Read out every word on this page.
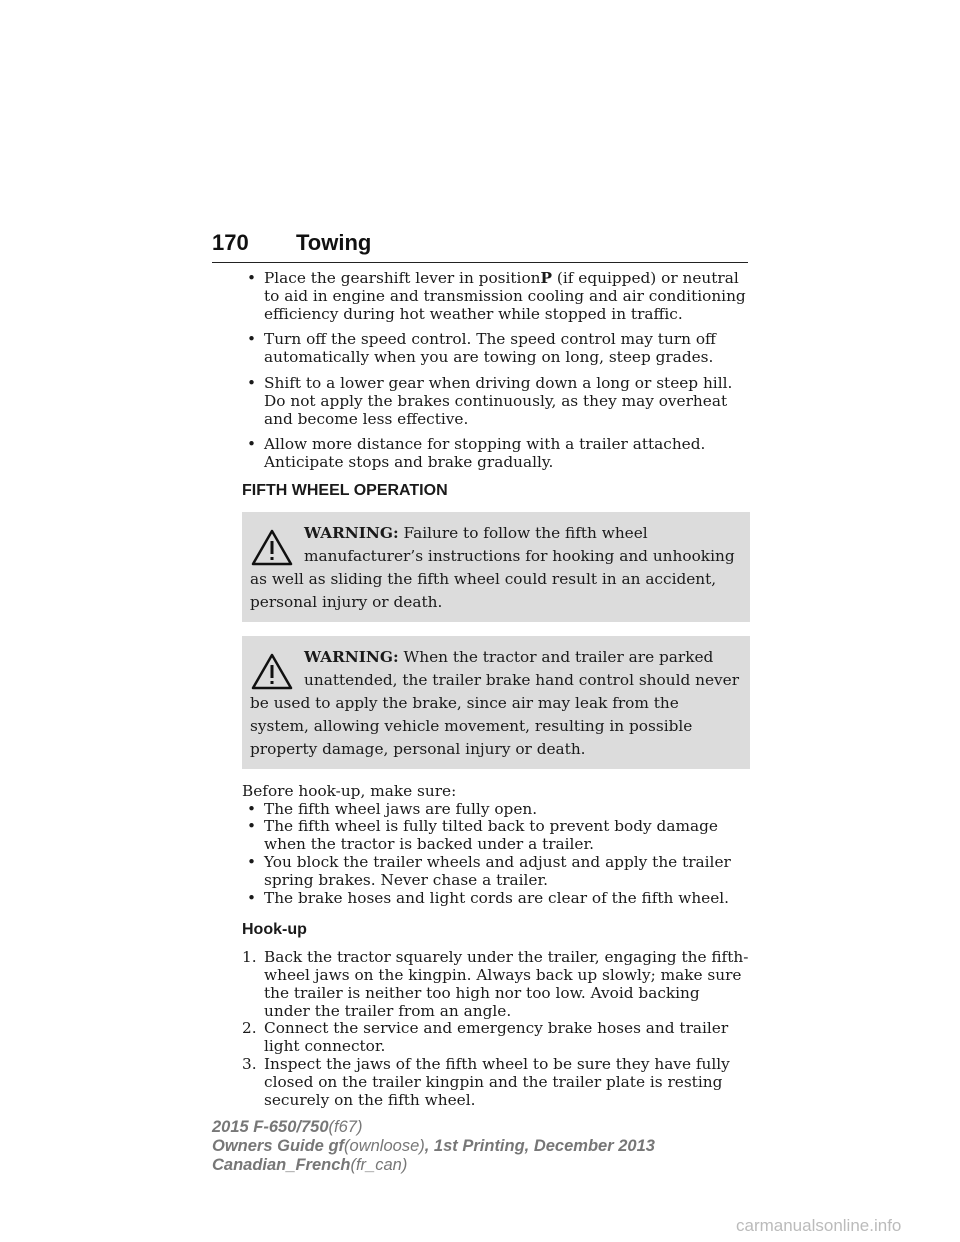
170 Towing
• Place the gearshift lever in positionP (if equipped) or neutral to aid in engine and transmission cooling and air conditioning efficiency during hot weather while stopped in traffic.
• Turn off the speed control. The speed control may turn off automatically when you are towing on long, steep grades.
• Shift to a lower gear when driving down a long or steep hill. Do not apply the brakes continuously, as they may overheat and become less effective.
• Allow more distance for stopping with a trailer attached. Anticipate stops and brake gradually.
FIFTH WHEEL OPERATION
WARNING: Failure to follow the fifth wheel manufacturer’s instructions for hooking and unhooking as well as sliding the fifth wheel could result in an accident, personal injury or death.
WARNING: When the tractor and trailer are parked unattended, the trailer brake hand control should never be used to apply the brake, since air may leak from the system, allowing vehicle movement, resulting in possible property damage, personal injury or death.

Before hook-up, make sure:

• The fifth wheel jaws are fully open.
• The fifth wheel is fully tilted back to prevent body damage when the tractor is backed under a trailer.
• You block the trailer wheels and adjust and apply the trailer spring brakes. Never chase a trailer.
• The brake hoses and light cords are clear of the fifth wheel.
Hook-up
1. Back the tractor squarely under the trailer, engaging the fifth-wheel jaws on the kingpin. Always back up slowly; make sure the trailer is neither too high nor too low. Avoid backing under the trailer from an angle.
2. Connect the service and emergency brake hoses and trailer light connector.
3. Inspect the jaws of the fifth wheel to be sure they have fully closed on the trailer kingpin and the trailer plate is resting securely on the fifth wheel.
2015 F-650/750(f67)
Owners Guide gf(ownloose), 1st Printing, December 2013
Canadian_French(fr_can)
carmanualsonline.info
